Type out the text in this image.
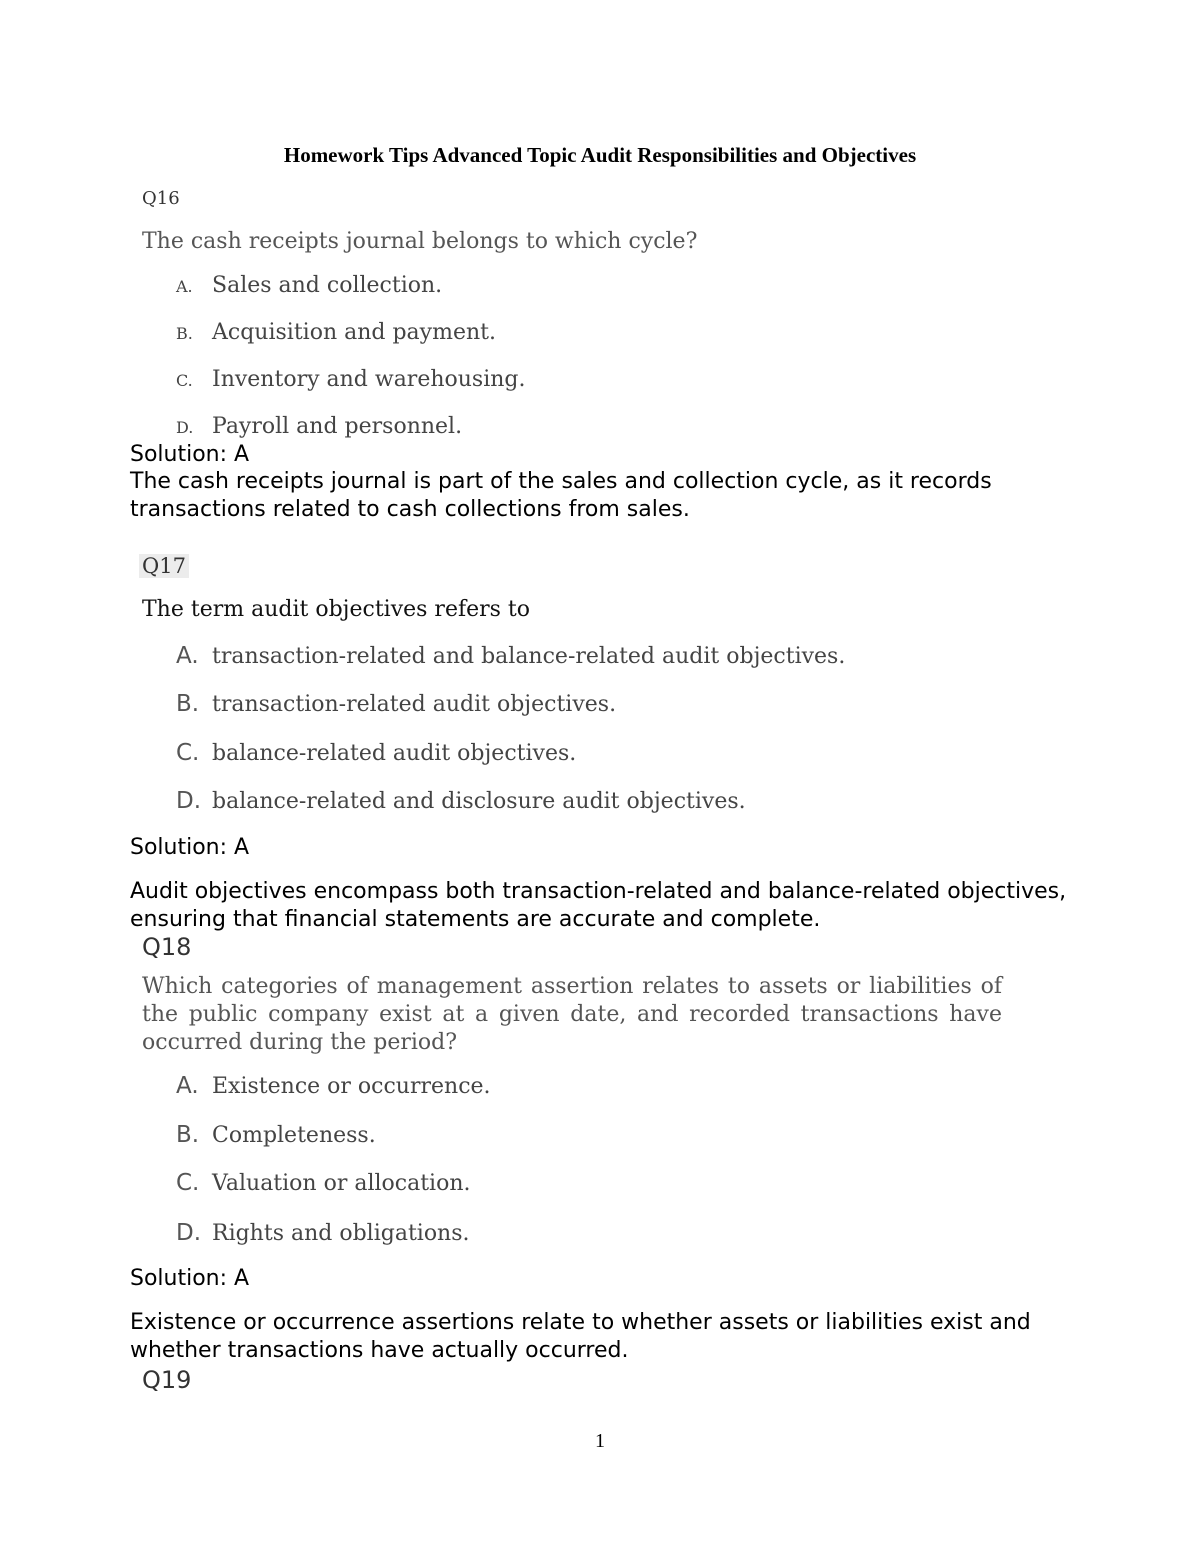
Homework Tips Advanced Topic Audit Responsibilities and Objectives
Q16
The cash receipts journal belongs to which cycle?
A. Sales and collection.
B. Acquisition and payment.
C. Inventory and warehousing.
D. Payroll and personnel.
Solution: A
The cash receipts journal is part of the sales and collection cycle, as it records transactions related to cash collections from sales.
Q17
The term audit objectives refers to
A. transaction-related and balance-related audit objectives.
B. transaction-related audit objectives.
C. balance-related audit objectives.
D. balance-related and disclosure audit objectives.
Solution: A
Audit objectives encompass both transaction-related and balance-related objectives, ensuring that financial statements are accurate and complete.
Q18
Which categories of management assertion relates to assets or liabilities of the public company exist at a given date, and recorded transactions have occurred during the period?
A. Existence or occurrence.
B. Completeness.
C. Valuation or allocation.
D. Rights and obligations.
Solution: A
Existence or occurrence assertions relate to whether assets or liabilities exist and whether transactions have actually occurred.
Q19
1
